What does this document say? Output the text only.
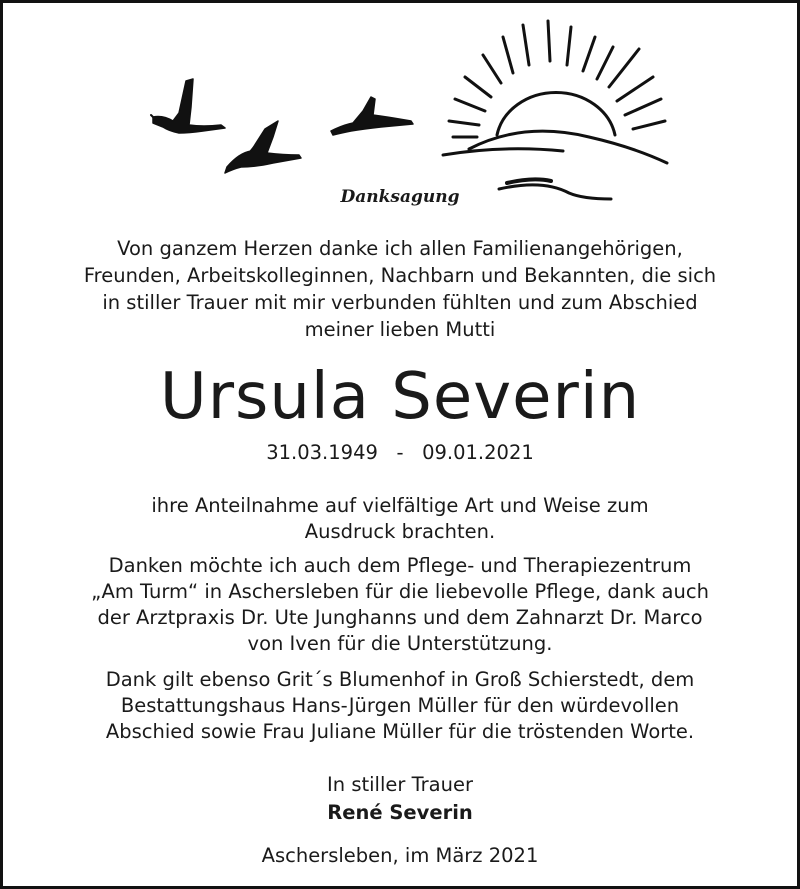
Danksagung
Von ganzem Herzen danke ich allen Familienangehörigen,
Freunden, Arbeitskolleginnen, Nachbarn und Bekannten, die sich
in stiller Trauer mit mir verbunden fühlten und zum Abschied
meiner lieben Mutti
Ursula Severin
31.03.1949   -   09.01.2021
ihre Anteilnahme auf vielfältige Art und Weise zum
Ausdruck brachten.
Danken möchte ich auch dem Pflege- und Therapiezentrum
„Am Turm“ in Aschersleben für die liebevolle Pflege, dank auch
der Arztpraxis Dr. Ute Junghanns und dem Zahnarzt Dr. Marco
von Iven für die Unterstützung.
Dank gilt ebenso Grit´s Blumenhof in Groß Schierstedt, dem
Bestattungshaus Hans-Jürgen Müller für den würdevollen
Abschied sowie Frau Juliane Müller für die tröstenden Worte.
In stiller Trauer
René Severin
Aschersleben, im März 2021
